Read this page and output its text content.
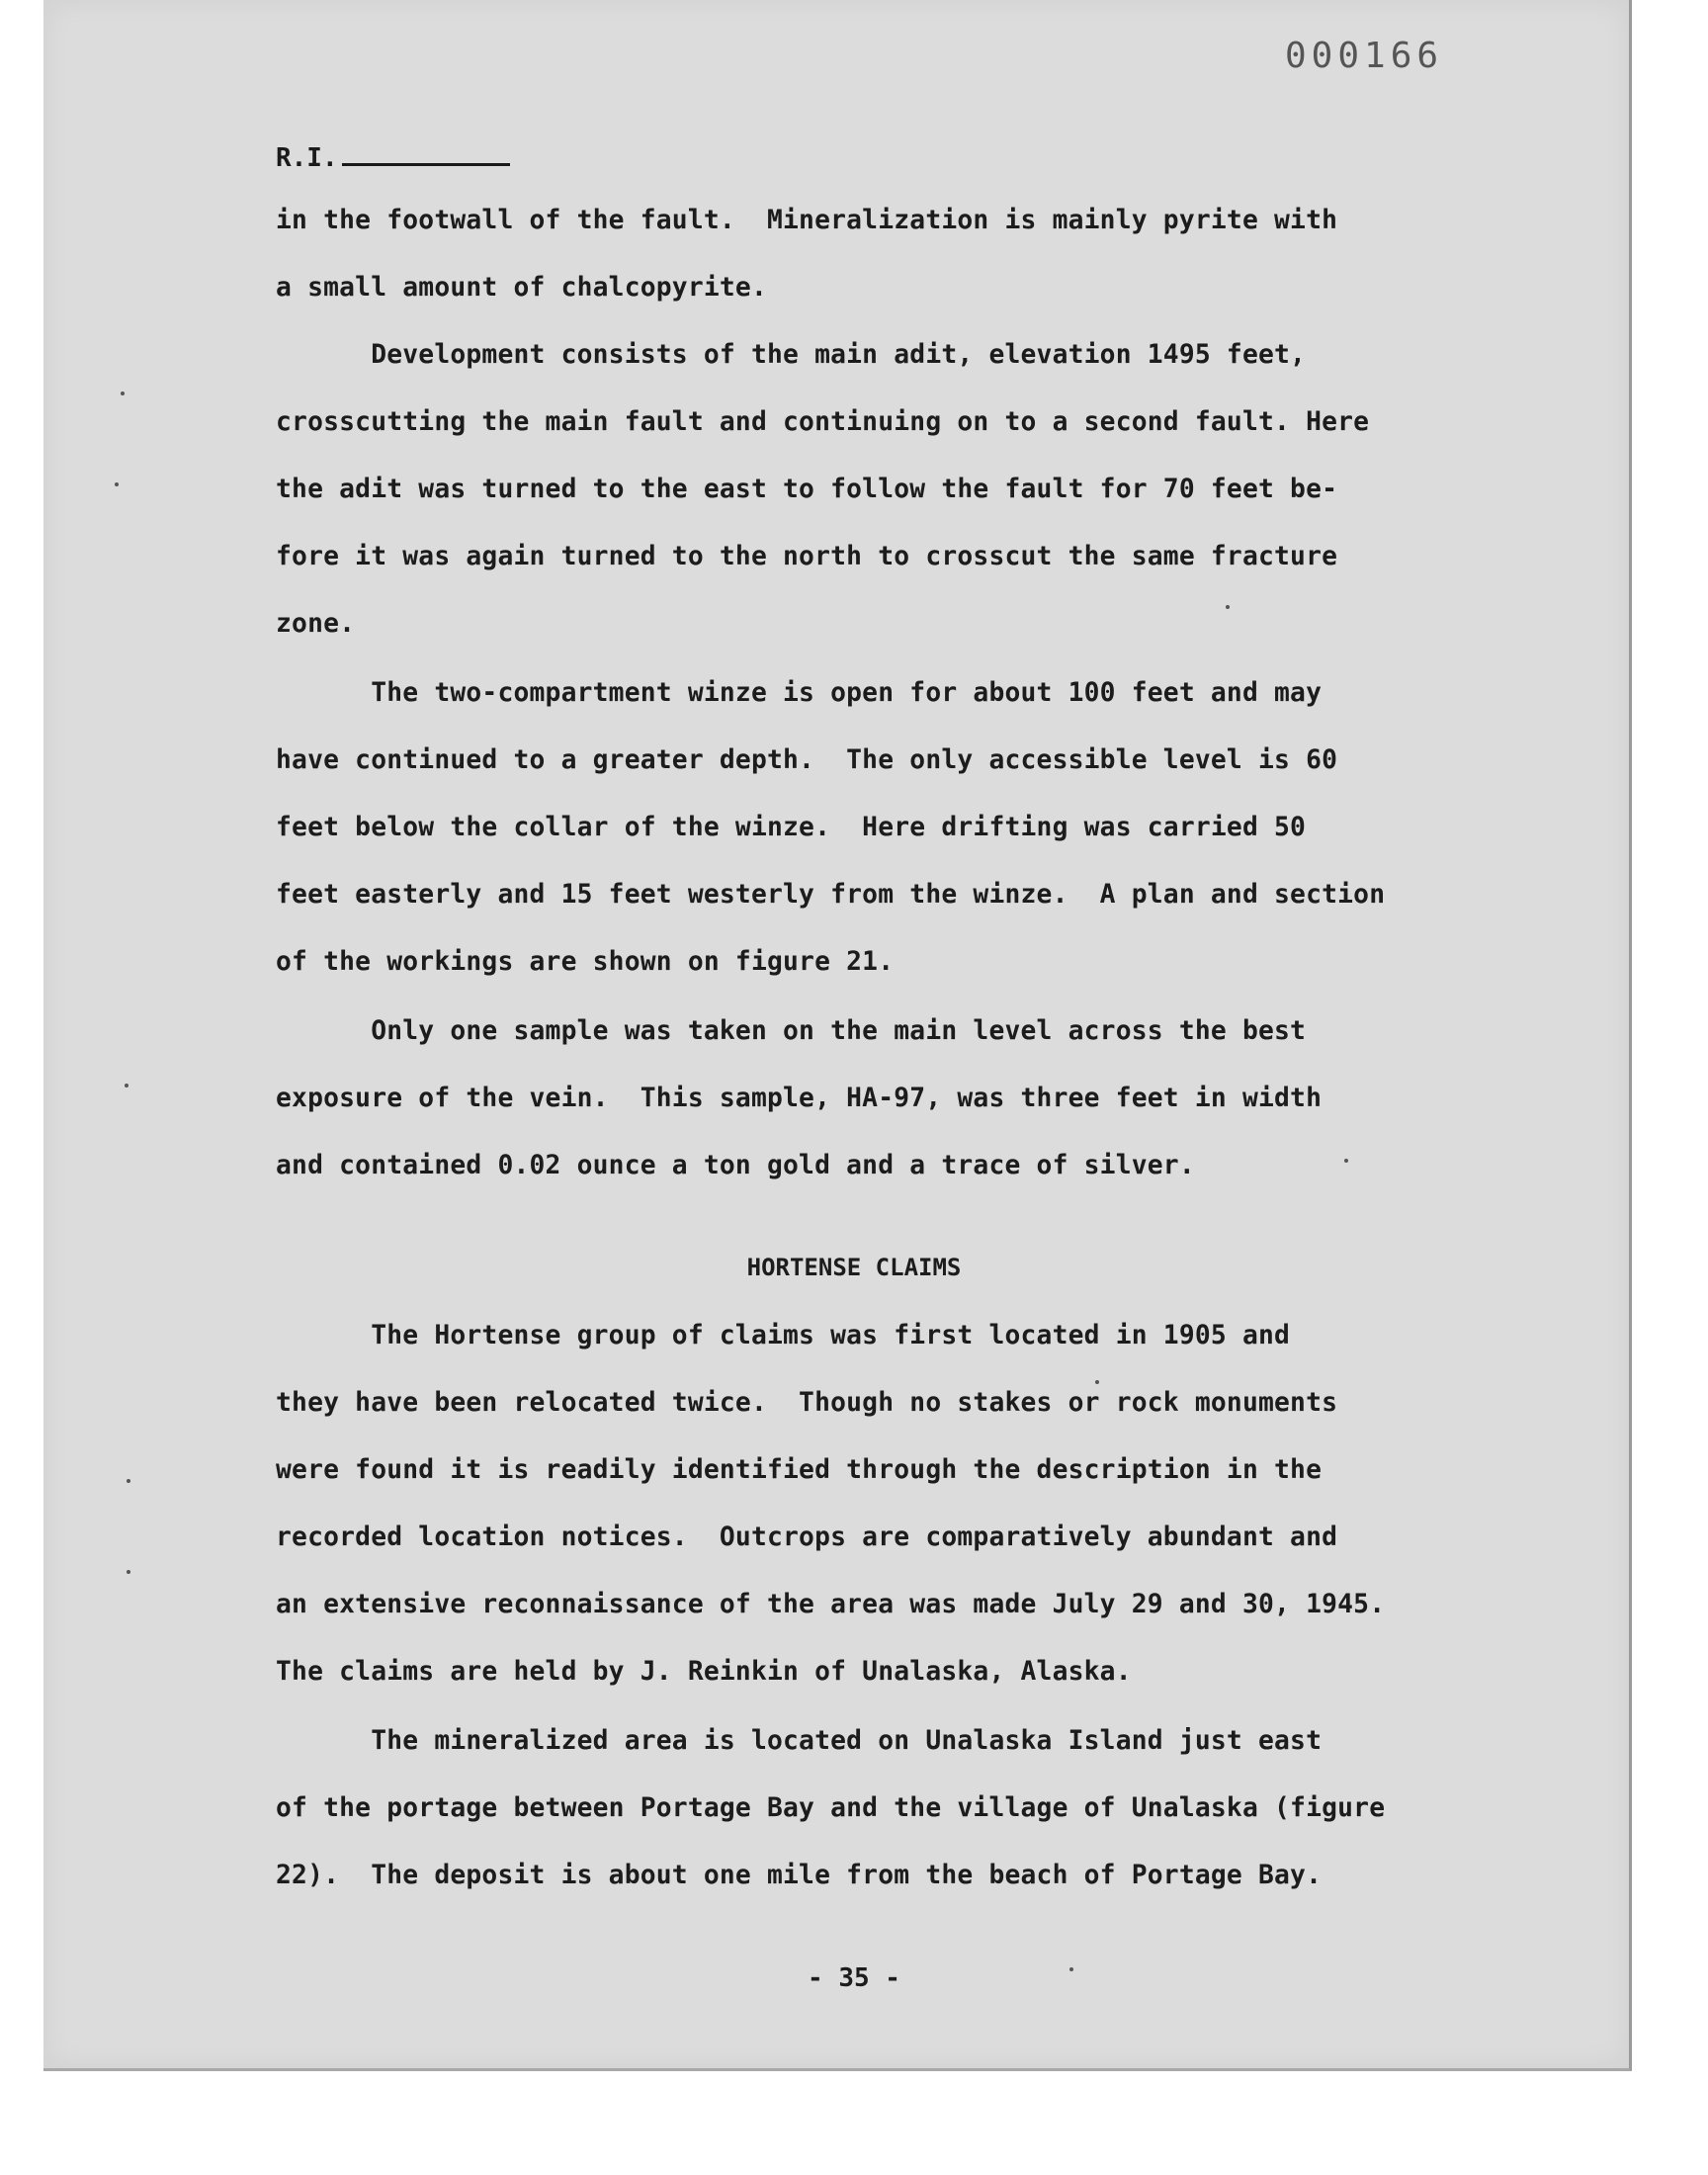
000166
R.I.
in the footwall of the fault.  Mineralization is mainly pyrite with
a small amount of chalcopyrite.
Development consists of the main adit, elevation 1495 feet,
crosscutting the main fault and continuing on to a second fault. Here
the adit was turned to the east to follow the fault for 70 feet be-
fore it was again turned to the north to crosscut the same fracture
zone.
The two-compartment winze is open for about 100 feet and may
have continued to a greater depth.  The only accessible level is 60
feet below the collar of the winze.  Here drifting was carried 50
feet easterly and 15 feet westerly from the winze.  A plan and section
of the workings are shown on figure 21.
Only one sample was taken on the main level across the best
exposure of the vein.  This sample, HA-97, was three feet in width
and contained 0.02 ounce a ton gold and a trace of silver.
HORTENSE CLAIMS
The Hortense group of claims was first located in 1905 and
they have been relocated twice.  Though no stakes or rock monuments
were found it is readily identified through the description in the
recorded location notices.  Outcrops are comparatively abundant and
an extensive reconnaissance of the area was made July 29 and 30, 1945.
The claims are held by J. Reinkin of Unalaska, Alaska.
The mineralized area is located on Unalaska Island just east
of the portage between Portage Bay and the village of Unalaska (figure
22).  The deposit is about one mile from the beach of Portage Bay.
- 35 -
